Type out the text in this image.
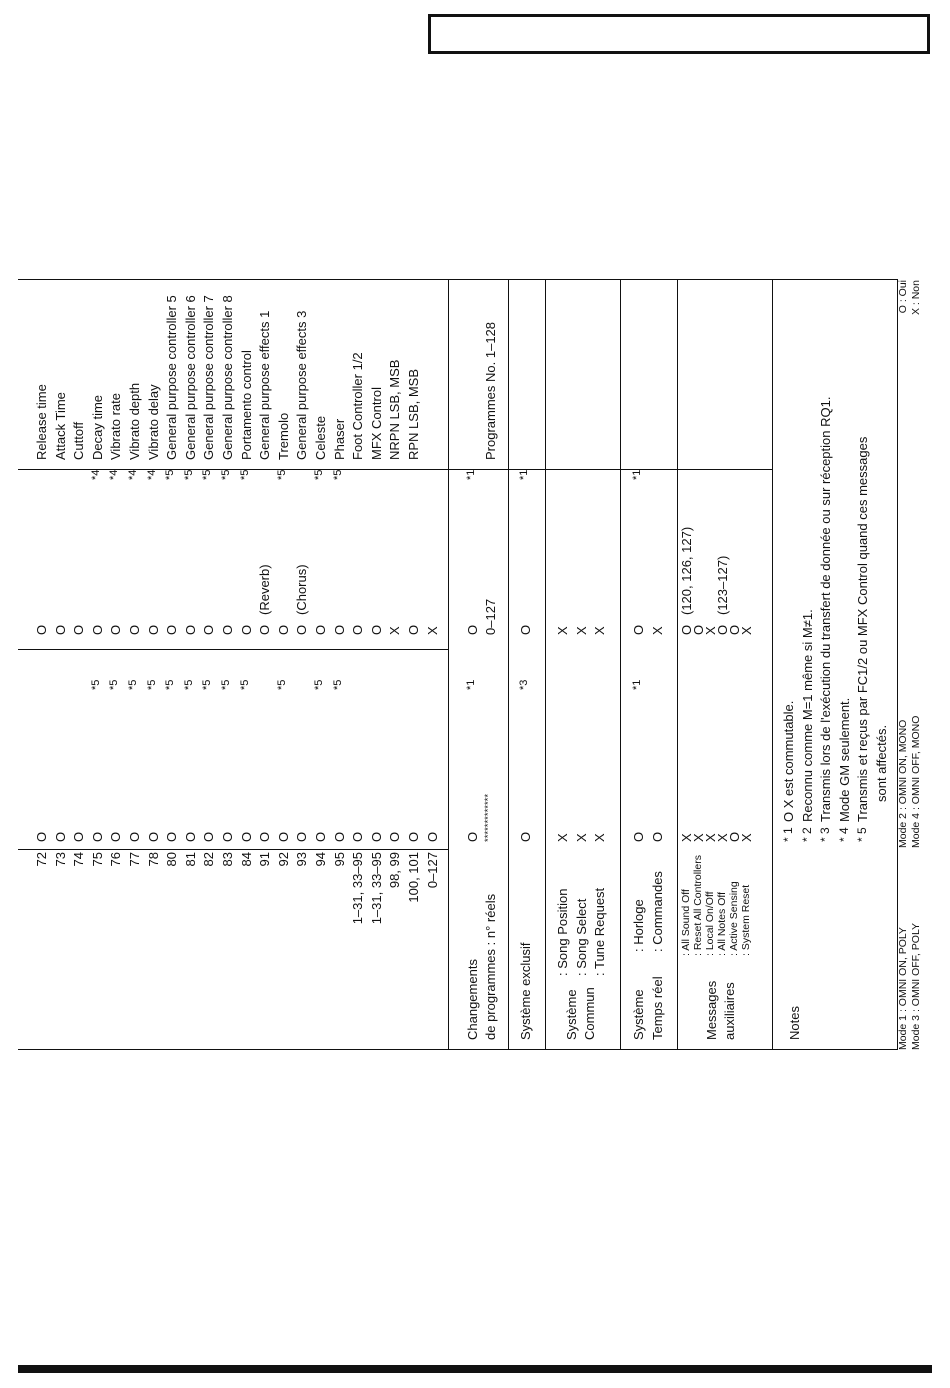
72
O
O
Release time
73
O
O
Attack Time
74
O
O
Cuttoff
75
O
*5
O
*4
Decay time
76
O
*5
O
*4
Vibrato rate
77
O
*5
O
*4
Vibrato depth
78
O
*5
O
*4
Vibrato delay
80
O
*5
O
*5
General purpose controller 5
81
O
*5
O
*5
General purpose controller 6
82
O
*5
O
*5
General purpose controller 7
83
O
*5
O
*5
General purpose controller 8
84
O
*5
O
*5
Portamento control
91
O
O
(Reverb)
General purpose effects 1
92
O
*5
O
*5
Tremolo
93
O
O
(Chorus)
General purpose effects 3
94
O
*5
O
*5
Celeste
95
O
*5
O
*5
Phaser
1–31, 33–95
O
O
Foot Controller 1/2
1–31, 33–95
O
O
MFX Control
98, 99
O
X
NRPN LSB, MSB
100, 101
O
O
RPN LSB, MSB
0–127
O
X
Changements de programmes : n° réels
O *************
*1
O 0–127
*1
Programmes No. 1–128
Système exclusif
O
*3
O
*1
Système Commun
: Song Position
X
X
: Song Select
X
X
: Tune Request
X
X
Système
: Horloge
O
*1
O
*1
Temps réel
: Commandes
O
X
Messages auxiliaires
: All Sound Off
X
O
(120, 126, 127)
: Reset All Controllers
X
O
: Local On/Off
X
X
: All Notes Off
X
O
(123–127)
: Active Sensing
O
O
: System Reset
X
X
Notes
* 1
O X est commutable.
* 2
Reconnu comme M=1 même si M≠1.
* 3
Transmis lors de l'exécution du transfert de donnée ou sur réception RQ1.
* 4
Mode GM seulement.
* 5
Transmis et reçus par FC1/2 ou MFX Control quand ces messages sont affectés.
Mode 1 : OMNI ON, POLY Mode 3 : OMNI OFF, POLY
Mode 2 : OMNI ON, MONO Mode 4 : OMNI OFF, MONO
O : Oui X : Non
